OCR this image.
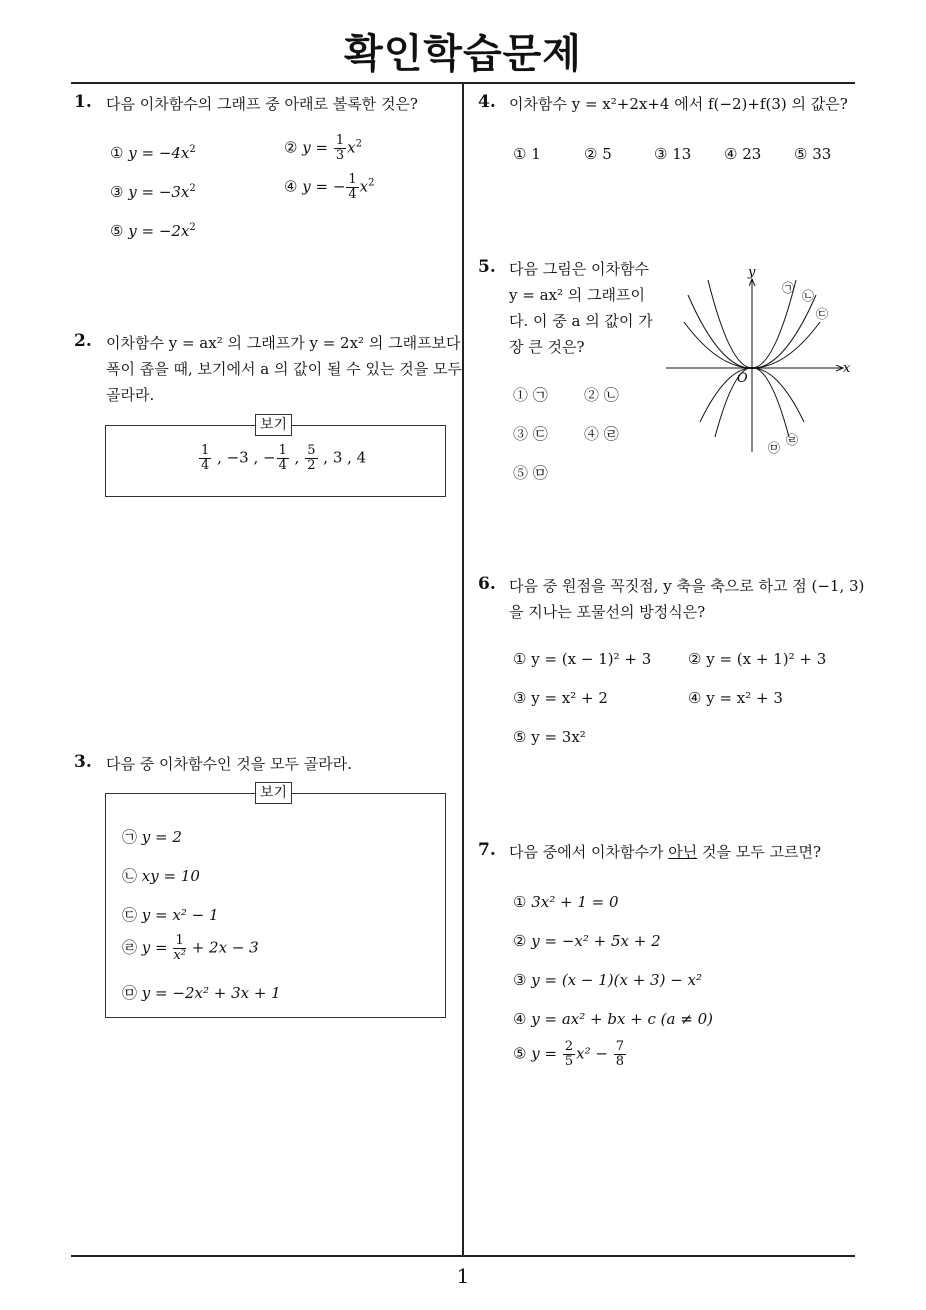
확인학습문제
1
1. 다음 이차함수의 그래프 중 아래로 볼록한 것은?
① $y = -4x^2$	② $y = \frac{1}{3} x^2$
③ $y = -3x^2$	④ y = − $\frac{1}{4} x^2$
⑤ $y = -2x^2$
2. 이차함수 y = ax² 의 그래프가 y = 2x² 의 그래프보다
폭이 좁을 때, 보기에서 a 의 값이 될 수 있는 것을 모두
골라라.
보기
$\frac{1}{4}$ , −3 , − $\frac{1}{4}$ , $\frac{5}{2}$ , 3 , 4
3. 다음 중 이차함수인 것을 모두 골라라.
보기
㉠ y = 2
㉡ xy = 10
㉢ y = x² − 1
㉣ $y = \frac{1}{\text{x²}} + 2x - 3$
㉤ y = −2x² + 3x + 1
4. 이차함수 y = x²+2x+4 에서 f(−2)+f(3) 의 값은?
① 1	② 5	③ 13 ④ 23 ⑤ 33
5. 다음 그림은 이차함수
y = ax² 의 그래프이
다. 이 중 a 의 값이 가
장 큰 것은?
① ㉠ ② ㉡
③ ㉢ ④ ㉣
⑤ ㉤
x
y
O
㉠
㉡
㉢
㉣
㉤
6. 다음 중 원점을 꼭짓점, y 축을 축으로 하고 점 (−1, 3)
을 지나는 포물선의 방정식은?
① y = (x − 1)² + 3 ② y = (x + 1)² + 3
③ y = x² + 2	④ y = x² + 3
⑤ y = 3x²
7. 다음 중에서 이차함수가 아닌 것을 모두 고르면?
① 3x² + 1 = 0
② y = −x² + 5x + 2
③ y = (x − 1)(x + 3) − x²
④ y = ax² + bx + c (a ≠ 0)
⑤ $y = \frac{2}{5} x^2 - \frac{7}{8}$
